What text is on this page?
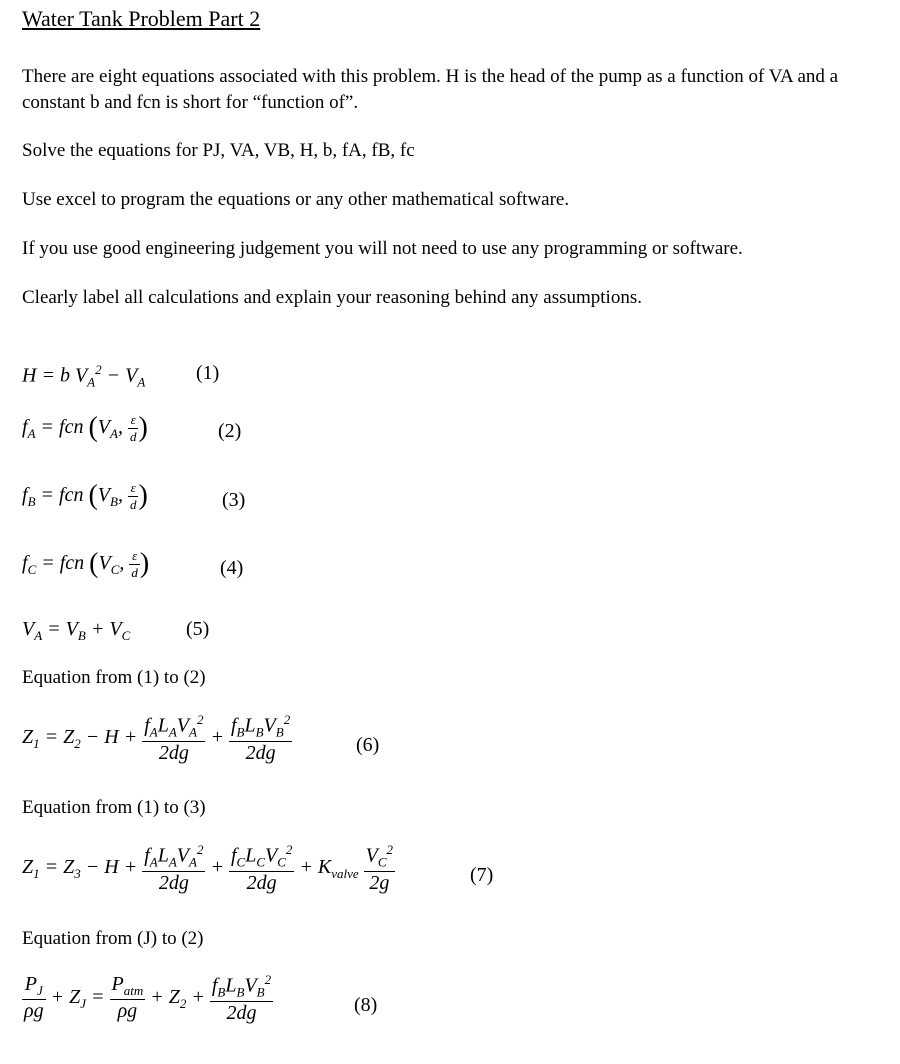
Water Tank Problem Part 2
There are eight equations associated with this problem. H is the head of the pump as a function of VA and a constant b and fcn is short for “function of”.
Solve the equations for PJ, VA, VB, H, b, fA, fB, fc
Use excel to program the equations or any other mathematical software.
If you use good engineering judgement you will not need to use any programming or software.
Clearly label all calculations and explain your reasoning behind any assumptions.
H = b $V_A^2 - V_A$	(1)
$f_A$ = fcn ($V_A$, $\frac{\varepsilon}{d}$ )	(2)
$f_B$ = fcn ($V_B$, $\frac{\varepsilon}{d}$ )	(3)
$f_C$ = fcn ($V_C$, $\frac{\varepsilon}{d}$ )	(4)
$V_A = V_B + V_C$	(5)
Equation from (1) to (2)
$Z_1 = Z_2 - H + \frac{f_AL_AV_A^2}{2dg} + \frac{f_BL_BV_B^2}{2dg}$	(6)
Equation from (1) to (3)
$Z_1 = Z_3 - H + \frac{f_AL_AV_A^2}{2dg} + \frac{f_CL_CV_C^2}{2dg} + K_{valve} \frac{V_C^2}{2g}$	(7)
Equation from (J) to (2)
$\frac{P_J}{\rho g} + Z_J = \frac{P_{atm}}{\rho g} + Z_2 + \frac{f_BL_BV_B^2}{2dg}$	(8)
